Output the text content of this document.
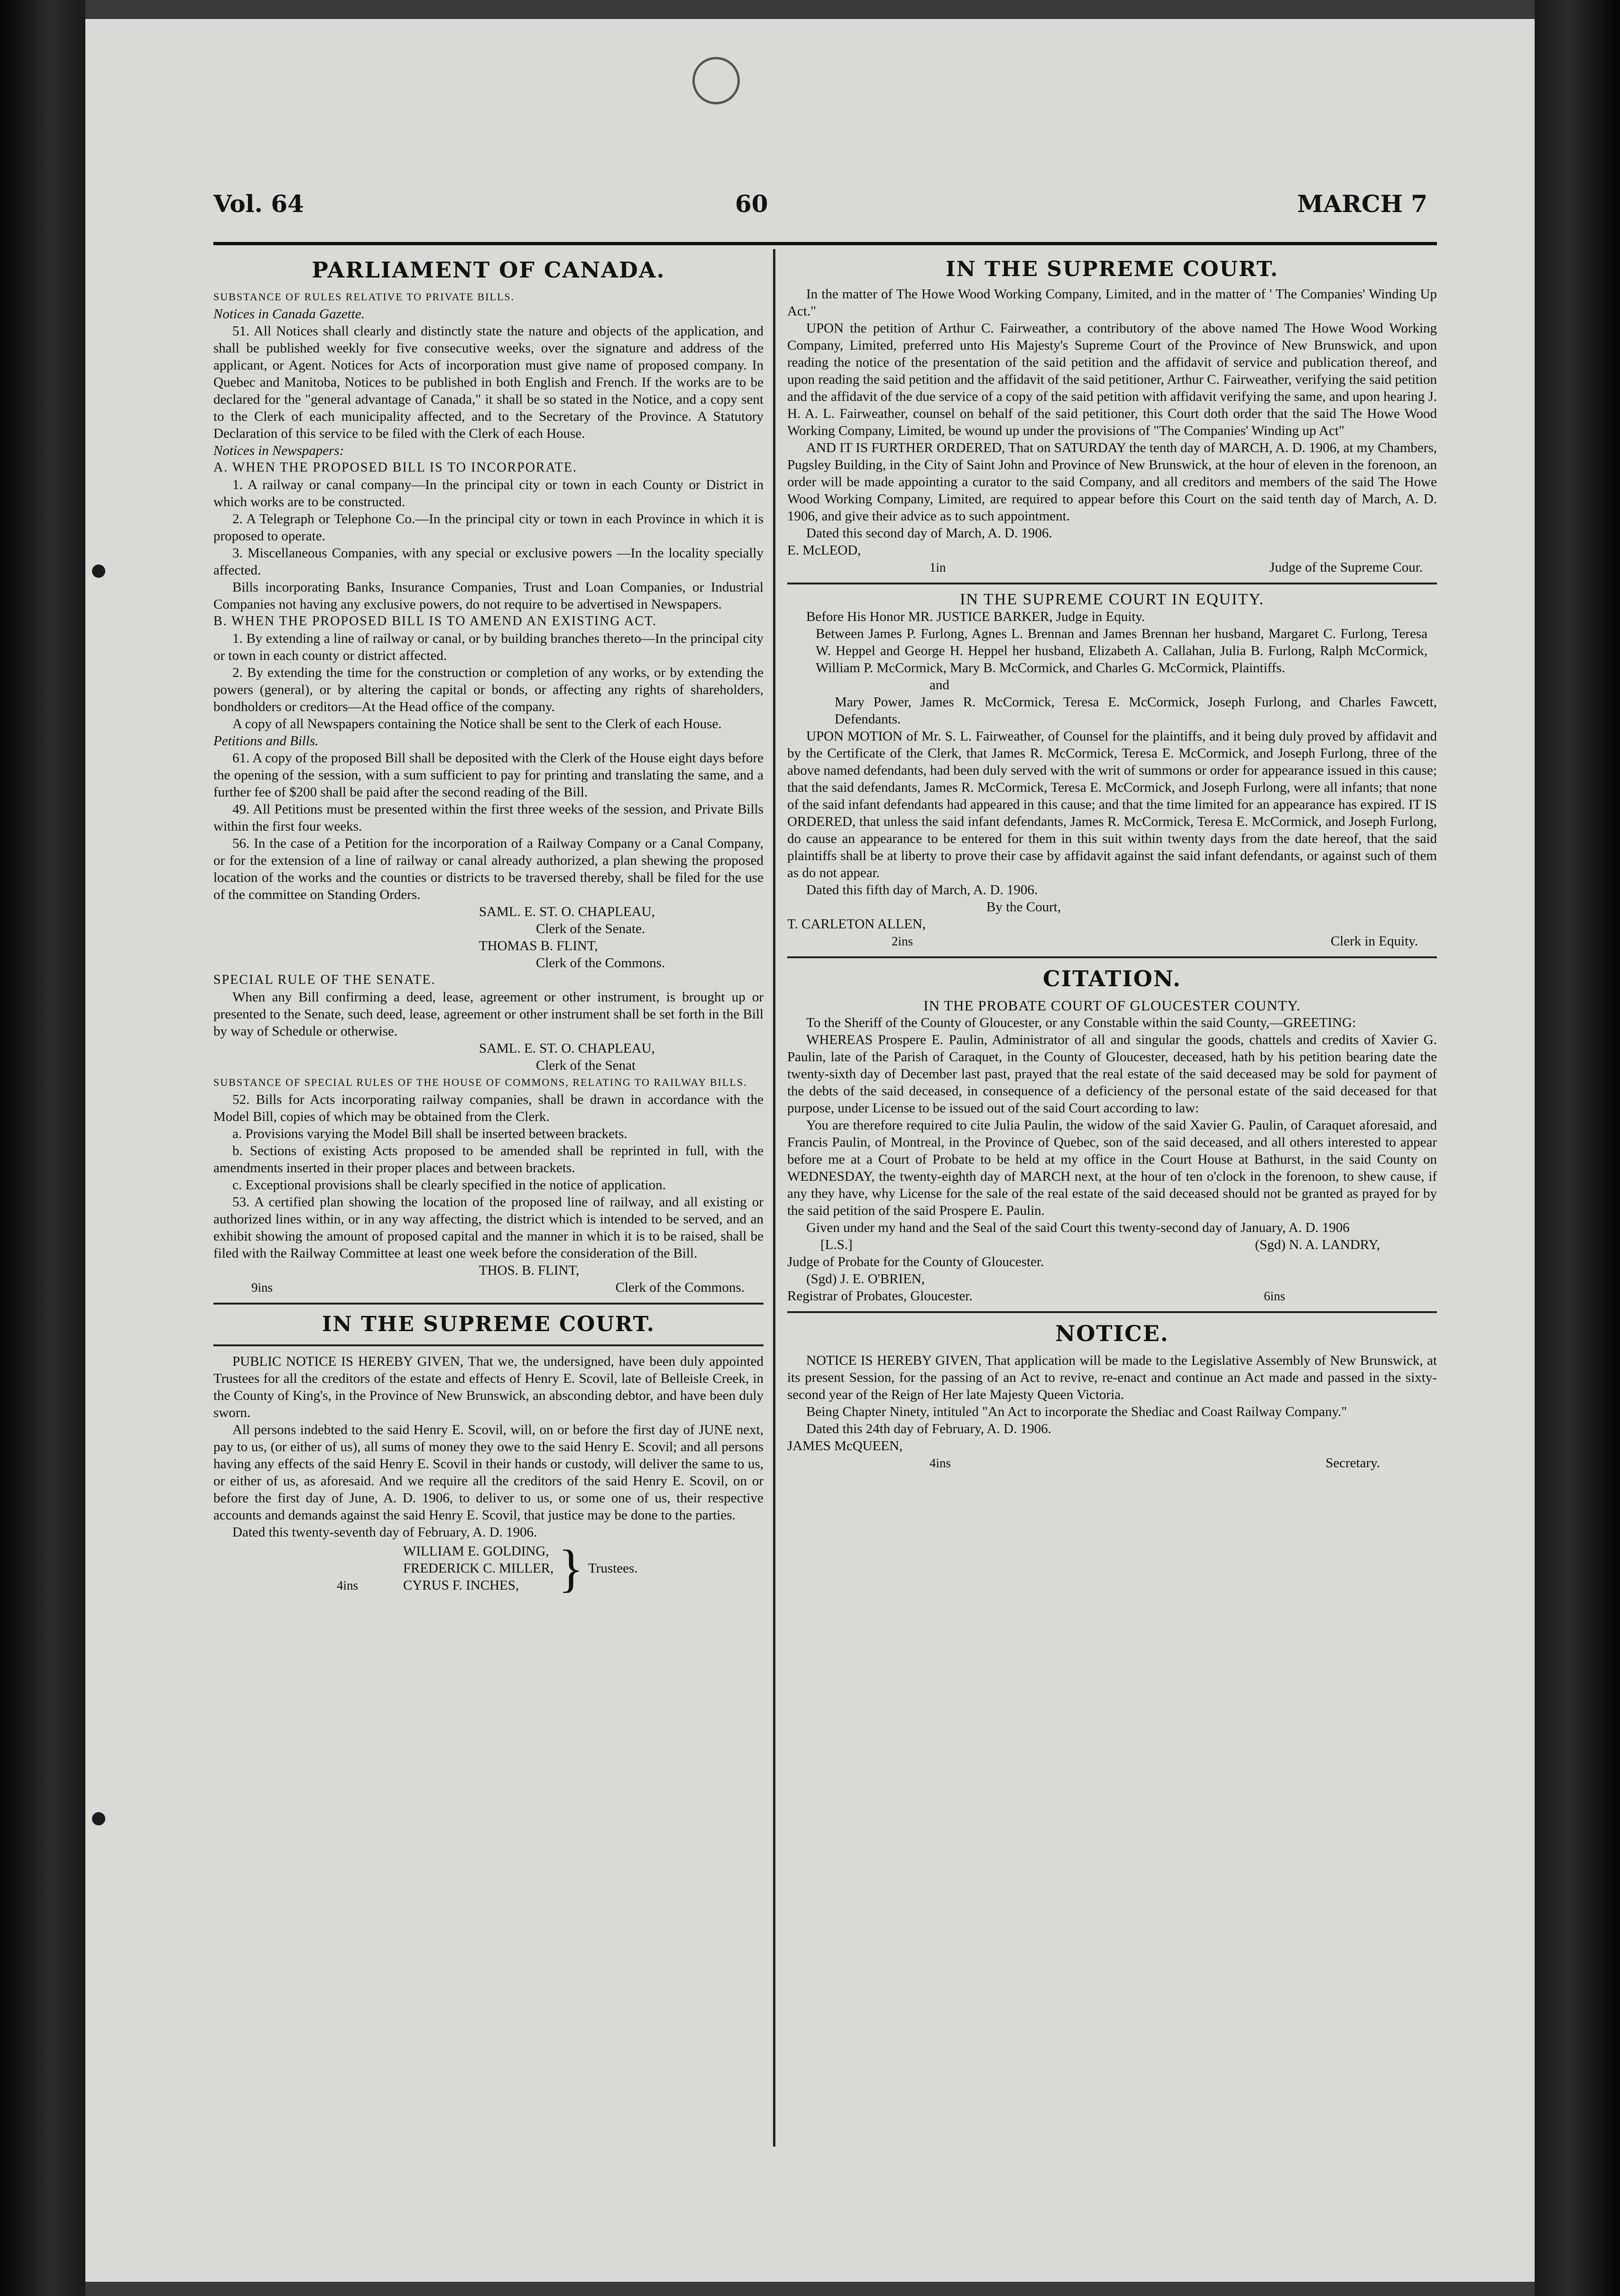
Vol. 64	60	MARCH 7
PARLIAMENT OF CANADA.

SUBSTANCE OF RULES RELATIVE TO PRIVATE BILLS.

Notices in Canada Gazette.

51. All Notices shall clearly and distinctly state the nature and objects of the application, and shall be published weekly for five consecutive weeks, over the signature and address of the applicant, or Agent. Notices for Acts of incorporation must give name of proposed company. In Quebec and Manitoba, Notices to be published in both English and French. If the works are to be declared for the "general advantage of Canada," it shall be so stated in the Notice, and a copy sent to the Clerk of each municipality affected, and to the Secretary of the Province. A Statutory Declaration of this service to be filed with the Clerk of each House.

Notices in Newspapers:

A. WHEN THE PROPOSED BILL IS TO INCORPORATE.

1. A railway or canal company—In the principal city or town in each County or District in which works are to be constructed.

2. A Telegraph or Telephone Co.—In the principal city or town in each Province in which it is proposed to operate.

3. Miscellaneous Companies, with any special or exclusive powers —In the locality specially affected.

Bills incorporating Banks, Insurance Companies, Trust and Loan Companies, or Industrial Companies not having any exclusive powers, do not require to be advertised in Newspapers.

B. WHEN THE PROPOSED BILL IS TO AMEND AN EXISTING ACT.

1. By extending a line of railway or canal, or by building branches thereto—In the principal city or town in each county or district affected.

2. By extending the time for the construction or completion of any works, or by extending the powers (general), or by altering the capital or bonds, or affecting any rights of shareholders, bondholders or creditors—At the Head office of the company.

A copy of all Newspapers containing the Notice shall be sent to the Clerk of each House.

Petitions and Bills.

61. A copy of the proposed Bill shall be deposited with the Clerk of the House eight days before the opening of the session, with a sum sufficient to pay for printing and translating the same, and a further fee of $200 shall be paid after the second reading of the Bill.

49. All Petitions must be presented within the first three weeks of the session, and Private Bills within the first four weeks.

56. In the case of a Petition for the incorporation of a Railway Company or a Canal Company, or for the extension of a line of railway or canal already authorized, a plan shewing the proposed location of the works and the counties or districts to be traversed thereby, shall be filed for the use of the committee on Standing Orders.

SAML. E. ST. O. CHAPLEAU,

Clerk of the Senate.

THOMAS B. FLINT,

Clerk of the Commons.

SPECIAL RULE OF THE SENATE.

When any Bill confirming a deed, lease, agreement or other instrument, is brought up or presented to the Senate, such deed, lease, agreement or other instrument shall be set forth in the Bill by way of Schedule or otherwise.

SAML. E. ST. O. CHAPLEAU,

Clerk of the Senat

SUBSTANCE OF SPECIAL RULES OF THE HOUSE OF COMMONS, RELATING TO RAILWAY BILLS.

52. Bills for Acts incorporating railway companies, shall be drawn in accordance with the Model Bill, copies of which may be obtained from the Clerk.

a. Provisions varying the Model Bill shall be inserted between brackets.

b. Sections of existing Acts proposed to be amended shall be reprinted in full, with the amendments inserted in their proper places and between brackets.

c. Exceptional provisions shall be clearly specified in the notice of application.

53. A certified plan showing the location of the proposed line of railway, and all existing or authorized lines within, or in any way affecting, the district which is intended to be served, and an exhibit showing the amount of proposed capital and the manner in which it is to be raised, shall be filed with the Railway Committee at least one week before the consideration of the Bill.

THOS. B. FLINT,

9ins	Clerk of the Commons.
IN THE SUPREME COURT.

PUBLIC NOTICE IS HEREBY GIVEN, That we, the undersigned, have been duly appointed Trustees for all the creditors of the estate and effects of Henry E. Scovil, late of Belleisle Creek, in the County of King's, in the Province of New Brunswick, an absconding debtor, and have been duly sworn.

All persons indebted to the said Henry E. Scovil, will, on or before the first day of JUNE next, pay to us, (or either of us), all sums of money they owe to the said Henry E. Scovil; and all persons having any effects of the said Henry E. Scovil in their hands or custody, will deliver the same to us, or either of us, as aforesaid. And we require all the creditors of the said Henry E. Scovil, on or before the first day of June, A. D. 1906, to deliver to us, or some one of us, their respective accounts and demands against the said Henry E. Scovil, that justice may be done to the parties.

Dated this twenty-seventh day of February, A. D. 1906.

WILLIAM E. GOLDING,
FREDERICK C. MILLER,
CYRUS F. INCHES, } Trustees.

4ins

IN THE SUPREME COURT.

In the matter of The Howe Wood Working Company, Limited, and in the matter of ' The Companies' Winding Up Act."

UPON the petition of Arthur C. Fairweather, a contributory of the above named The Howe Wood Working Company, Limited, preferred unto His Majesty's Supreme Court of the Province of New Brunswick, and upon reading the notice of the presentation of the said petition and the affidavit of service and publication thereof, and upon reading the said petition and the affidavit of the said petitioner, Arthur C. Fairweather, verifying the said petition and the affidavit of the due service of a copy of the said petition with affidavit verifying the same, and upon hearing J. H. A. L. Fairweather, counsel on behalf of the said petitioner, this Court doth order that the said The Howe Wood Working Company, Limited, be wound up under the provisions of "The Companies' Winding up Act"

AND IT IS FURTHER ORDERED, That on SATURDAY the tenth day of MARCH, A. D. 1906, at my Chambers, Pugsley Building, in the City of Saint John and Province of New Brunswick, at the hour of eleven in the forenoon, an order will be made appointing a curator to the said Company, and all creditors and members of the said The Howe Wood Working Company, Limited, are required to appear before this Court on the said tenth day of March, A. D. 1906, and give their advice as to such appointment.

Dated this second day of March, A. D. 1906.

E. McLEOD,

1in	Judge of the Supreme Cour.

IN THE SUPREME COURT IN EQUITY.

Before His Honor MR. JUSTICE BARKER, Judge in Equity.

Between James P. Furlong, Agnes L. Brennan and James Brennan her husband, Margaret C. Furlong, Teresa W. Heppel and George H. Heppel her husband, Elizabeth A. Callahan, Julia B. Furlong, Ralph McCormick, William P. McCormick, Mary B. McCormick, and Charles G. McCormick, Plaintiffs.

and

Mary Power, James R. McCormick, Teresa E. McCormick, Joseph Furlong, and Charles Fawcett, Defendants.

UPON MOTION of Mr. S. L. Fairweather, of Counsel for the plaintiffs, and it being duly proved by affidavit and by the Certificate of the Clerk, that James R. McCormick, Teresa E. McCormick, and Joseph Furlong, three of the above named defendants, had been duly served with the writ of summons or order for appearance issued in this cause; that the said defendants, James R. McCormick, Teresa E. McCormick, and Joseph Furlong, were all infants; that none of the said infant defendants had appeared in this cause; and that the time limited for an appearance has expired. IT IS ORDERED, that unless the said infant defendants, James R. McCormick, Teresa E. McCormick, and Joseph Furlong, do cause an appearance to be entered for them in this suit within twenty days from the date hereof, that the said plaintiffs shall be at liberty to prove their case by affidavit against the said infant defendants, or against such of them as do not appear.

Dated this fifth day of March, A. D. 1906.

By the Court,

T. CARLETON ALLEN,

2ins	Clerk in Equity.
CITATION.

IN THE PROBATE COURT OF GLOUCESTER COUNTY.

To the Sheriff of the County of Gloucester, or any Constable within the said County,—GREETING:

WHEREAS Prospere E. Paulin, Administrator of all and singular the goods, chattels and credits of Xavier G. Paulin, late of the Parish of Caraquet, in the County of Gloucester, deceased, hath by his petition bearing date the twenty-sixth day of December last past, prayed that the real estate of the said deceased may be sold for payment of the debts of the said deceased, in consequence of a deficiency of the personal estate of the said deceased for that purpose, under License to be issued out of the said Court according to law:

You are therefore required to cite Julia Paulin, the widow of the said Xavier G. Paulin, of Caraquet aforesaid, and Francis Paulin, of Montreal, in the Province of Quebec, son of the said deceased, and all others interested to appear before me at a Court of Probate to be held at my office in the Court House at Bathurst, in the said County on WEDNESDAY, the twenty-eighth day of MARCH next, at the hour of ten o'clock in the forenoon, to shew cause, if any they have, why License for the sale of the real estate of the said deceased should not be granted as prayed for by the said petition of the said Prospere E. Paulin.

Given under my hand and the Seal of the said Court this twenty-second day of January, A. D. 1906

[L.S.]	(Sgd) N. A. LANDRY,

Judge of Probate for the County of Gloucester.

(Sgd) J. E. O'BRIEN,

Registrar of Probates, Gloucester.	6ins
NOTICE.

NOTICE IS HEREBY GIVEN, That application will be made to the Legislative Assembly of New Brunswick, at its present Session, for the passing of an Act to revive, re-enact and continue an Act made and passed in the sixty-second year of the Reign of Her late Majesty Queen Victoria.

Being Chapter Ninety, intituled "An Act to incorporate the Shediac and Coast Railway Company."

Dated this 24th day of February, A. D. 1906.

JAMES McQUEEN,

4ins	Secretary.
